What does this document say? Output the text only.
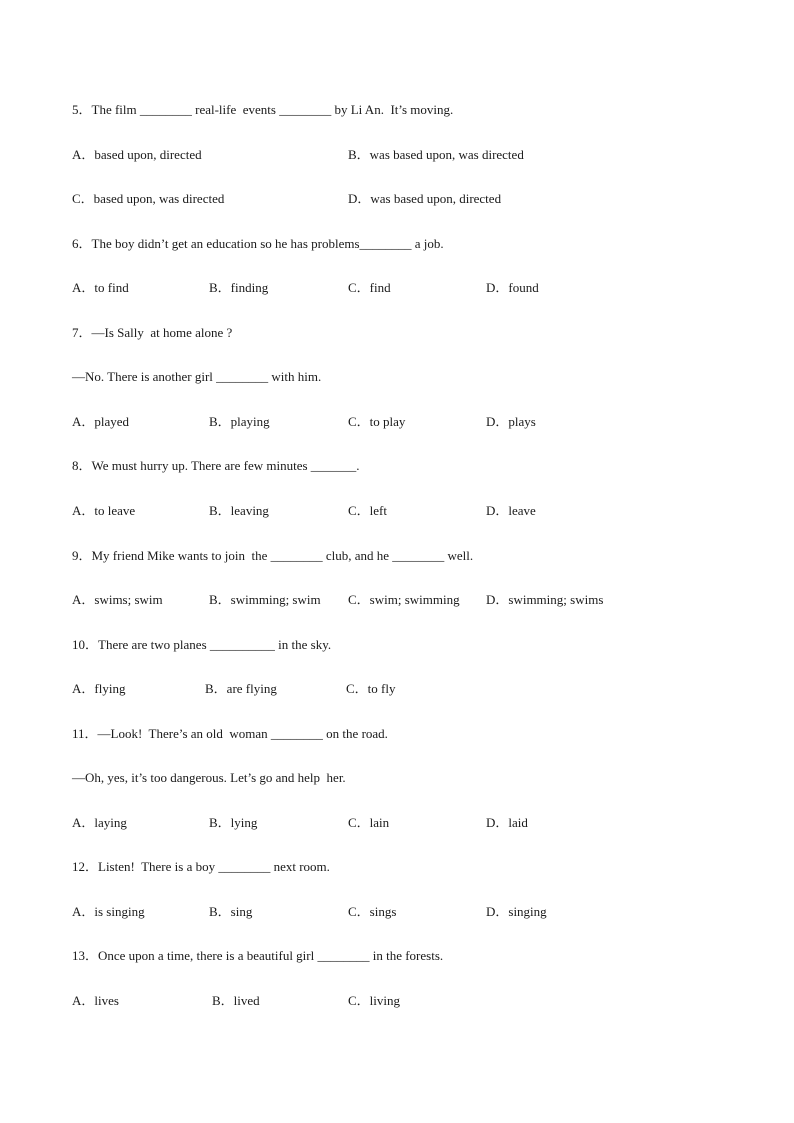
5．The film ________ real-life  events ________ by Li An.  It’s moving.
A．based upon, directed	B．was based upon, was directed
C．based upon, was directed	D．was based upon, directed
6．The boy didn’t get an education so he has problems________ a job.
A．to find	B．finding	C．find	D．found
7．—Is Sally  at home alone ?
—No. There is another girl ________ with him.
A．played	B．playing	C．to play	D．plays
8．We must hurry up. There are few minutes _______.
A．to leave	B．leaving	C．left	D．leave
9．My friend Mike wants to join  the ________ club, and he ________ well.
A．swims; swim	B．swimming; swim C．swim; swimming D．swimming; swims
10．There are two planes __________ in the sky.
A．flying	B．are flying	C．to fly
11．—Look!  There’s an old  woman ________ on the road.
—Oh, yes, it’s too dangerous. Let’s go and help  her.
A．laying	B．lying	C．lain	D．laid
12．Listen!  There is a boy ________ next room.
A．is singing	B．sing	C．sings	D．singing
13．Once upon a time, there is a beautiful girl ________ in the forests.
A．lives	B．lived	C．living
